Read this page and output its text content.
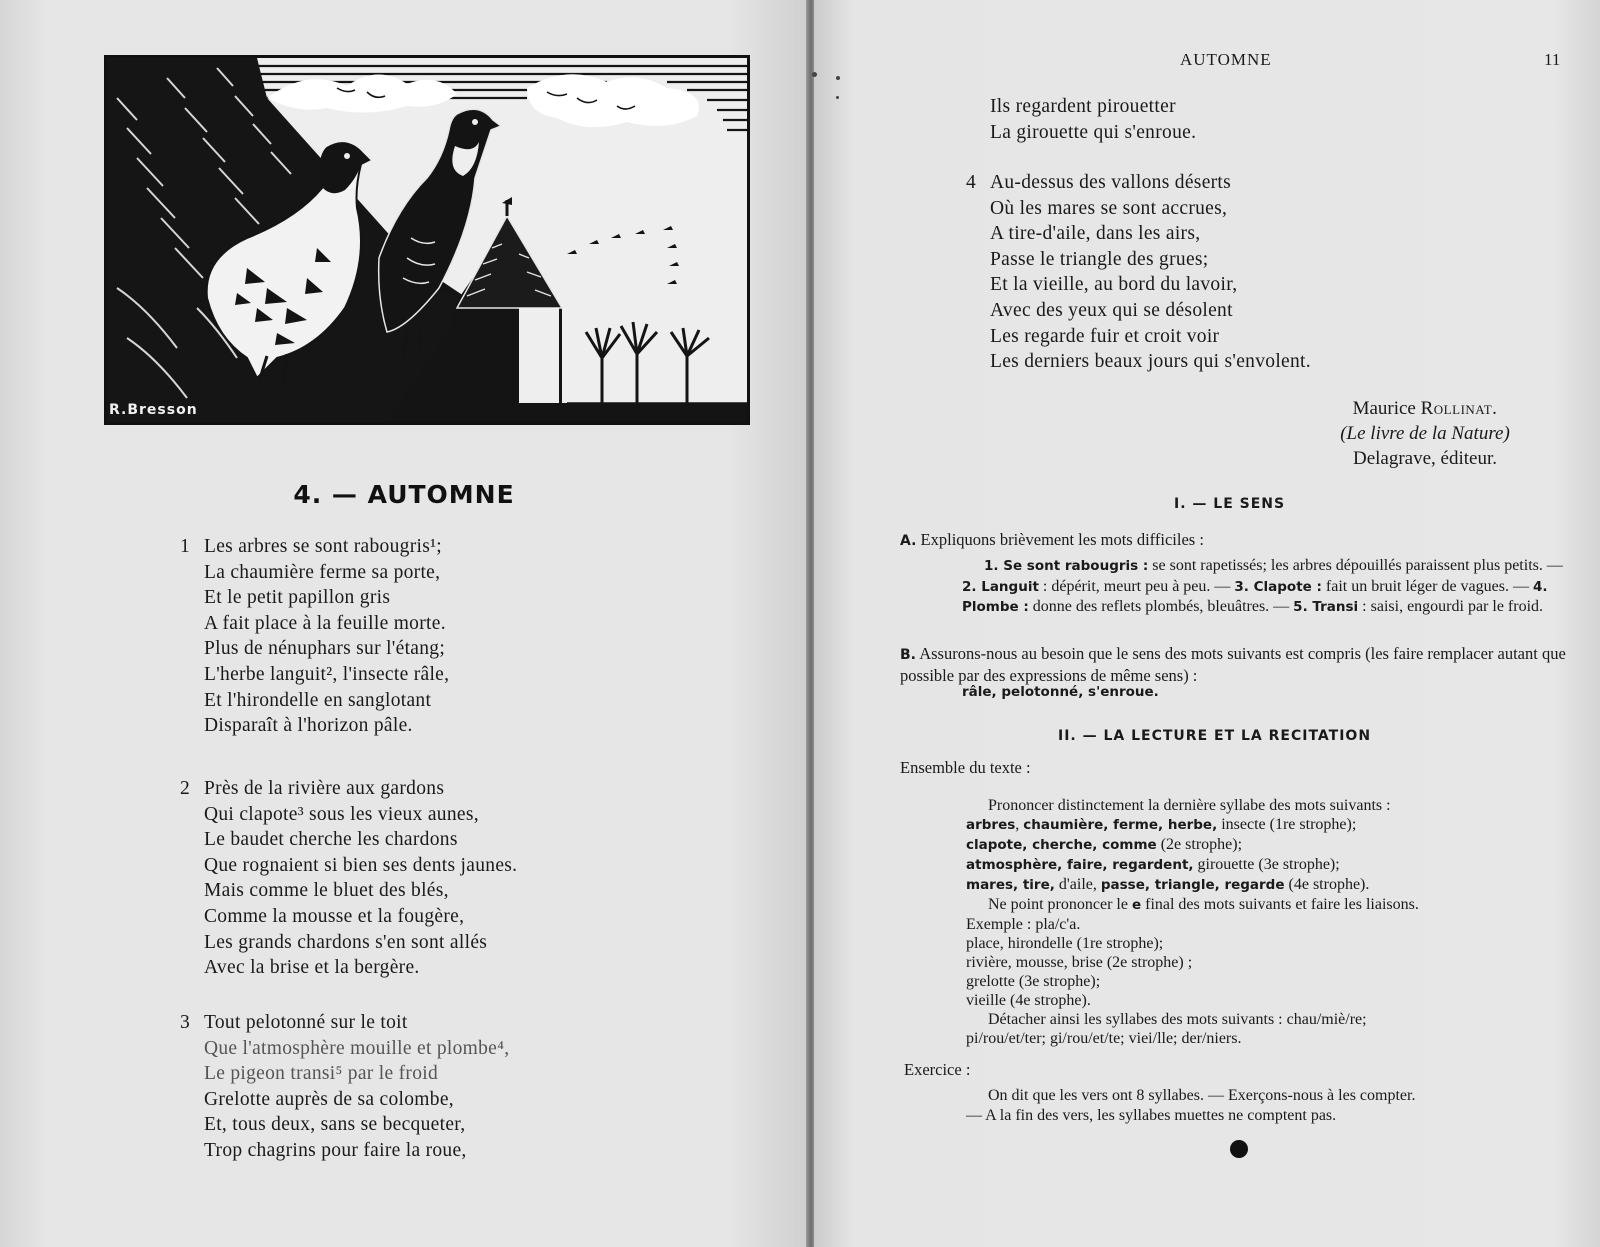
R.Bresson
4. — AUTOMNE

1 Les arbres se sont rabougris¹;

La chaumière ferme sa porte,

Et le petit papillon gris

A fait place à la feuille morte.

Plus de nénuphars sur l'étang;

L'herbe languit², l'insecte râle,

Et l'hirondelle en sanglotant

Disparaît à l'horizon pâle.

2 Près de la rivière aux gardons

Qui clapote³ sous les vieux aunes,

Le baudet cherche les chardons

Que rognaient si bien ses dents jaunes.

Mais comme le bluet des blés,

Comme la mousse et la fougère,

Les grands chardons s'en sont allés

Avec la brise et la bergère.

3 Tout pelotonné sur le toit

Que l'atmosphère mouille et plombe⁴,

Le pigeon transi⁵ par le froid

Grelotte auprès de sa colombe,

Et, tous deux, sans se becqueter,

Trop chagrins pour faire la roue,

AUTOMNE	11

Ils regardent pirouetter

La girouette qui s'enroue.

4 Au-dessus des vallons déserts

Où les mares se sont accrues,

A tire-d'aile, dans les airs,

Passe le triangle des grues;

Et la vieille, au bord du lavoir,

Avec des yeux qui se désolent

Les regarde fuir et croit voir

Les derniers beaux jours qui s'envolent.

Maurice Rollinat.

(Le livre de la Nature)

Delagrave, éditeur.

I. — LE SENS

A. Expliquons brièvement les mots difficiles :

1. Se sont rabougris : se sont rapetissés; les arbres dépouillés paraissent plus petits. — 2. Languit : dépérit, meurt peu à peu. — 3. Clapote : fait un bruit léger de vagues. — 4. Plombe : donne des reflets plombés, bleuâtres. — 5. Transi : saisi, engourdi par le froid.

B. Assurons-nous au besoin que le sens des mots suivants est compris (les faire remplacer autant que possible par des expressions de même sens) :

râle, pelotonné, s'enroue.

II. — LA LECTURE ET LA RECITATION

Ensemble du texte :

Prononcer distinctement la dernière syllabe des mots suivants :

arbres, chaumière, ferme, herbe, insecte (1re strophe);

clapote, cherche, comme (2e strophe);

atmosphère, faire, regardent, girouette (3e strophe);

mares, tire, d'aile, passe, triangle, regarde (4e strophe).

Ne point prononcer le e final des mots suivants et faire les liaisons.

Exemple : pla/c'a.

place, hirondelle (1re strophe);

rivière, mousse, brise (2e strophe) ;

grelotte (3e strophe);

vieille (4e strophe).

Détacher ainsi les syllabes des mots suivants : chau/miè/re;

pi/rou/et/ter; gi/rou/et/te; viei/lle; der/niers.

Exercice :

On dit que les vers ont 8 syllabes. — Exerçons-nous à les compter.

— A la fin des vers, les syllabes muettes ne comptent pas.
